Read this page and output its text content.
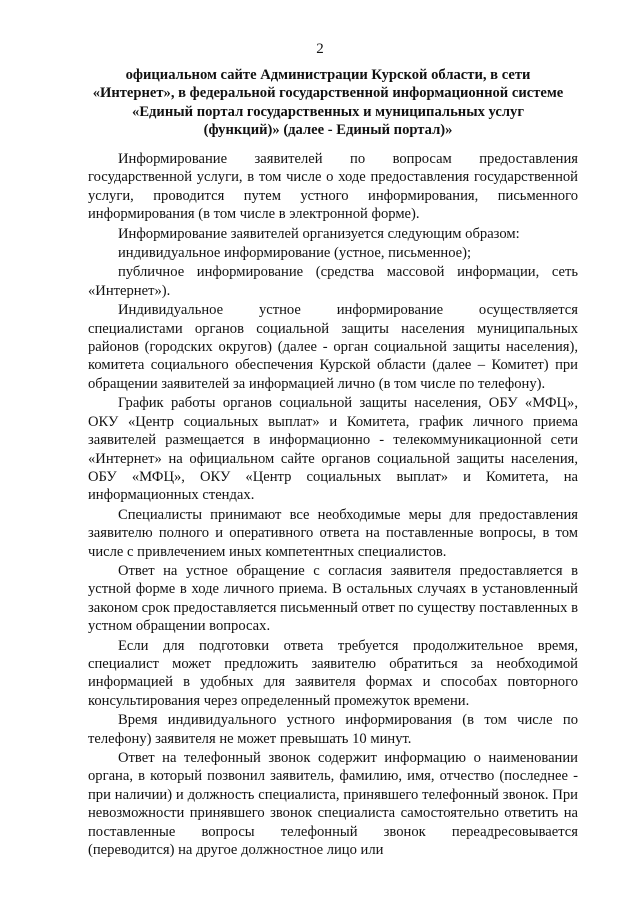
2
официальном сайте Администрации Курской области, в сети
«Интернет», в федеральной государственной информационной системе
«Единый портал государственных и муниципальных услуг
(функций)» (далее - Единый портал)»

Информирование заявителей по вопросам предоставления государственной услуги, в том числе о ходе предоставления государственной услуги, проводится путем устного информирования, письменного информирования (в том числе в электронной форме).

Информирование заявителей организуется следующим образом:

индивидуальное информирование (устное, письменное);

публичное информирование (средства массовой информации, сеть «Интернет»).

Индивидуальное устное информирование осуществляется специалистами органов социальной защиты населения муниципальных районов (городских округов) (далее - орган социальной защиты населения), комитета социального обеспечения Курской области (далее – Комитет) при обращении заявителей за информацией лично (в том числе по телефону).

График работы органов социальной защиты населения, ОБУ «МФЦ», ОКУ «Центр социальных выплат» и Комитета, график личного приема заявителей размещается в информационно - телекоммуникационной сети «Интернет» на официальном сайте органов социальной защиты населения, ОБУ «МФЦ», ОКУ «Центр социальных выплат» и Комитета, на информационных стендах.

Специалисты принимают все необходимые меры для предоставления заявителю полного и оперативного ответа на поставленные вопросы, в том числе с привлечением иных компетентных специалистов.

Ответ на устное обращение с согласия заявителя предоставляется в устной форме в ходе личного приема. В остальных случаях в установленный законом срок предоставляется письменный ответ по существу поставленных в устном обращении вопросах.

Если для подготовки ответа требуется продолжительное время, специалист может предложить заявителю обратиться за необходимой информацией в удобных для заявителя формах и способах повторного консультирования через определенный промежуток времени.

Время индивидуального устного информирования (в том числе по телефону) заявителя не может превышать 10 минут.

Ответ на телефонный звонок содержит информацию о наименовании органа, в который позвонил заявитель, фамилию, имя, отчество (последнее - при наличии) и должность специалиста, принявшего телефонный звонок. При невозможности принявшего звонок специалиста самостоятельно ответить на поставленные вопросы телефонный звонок переадресовывается (переводится) на другое должностное лицо или
